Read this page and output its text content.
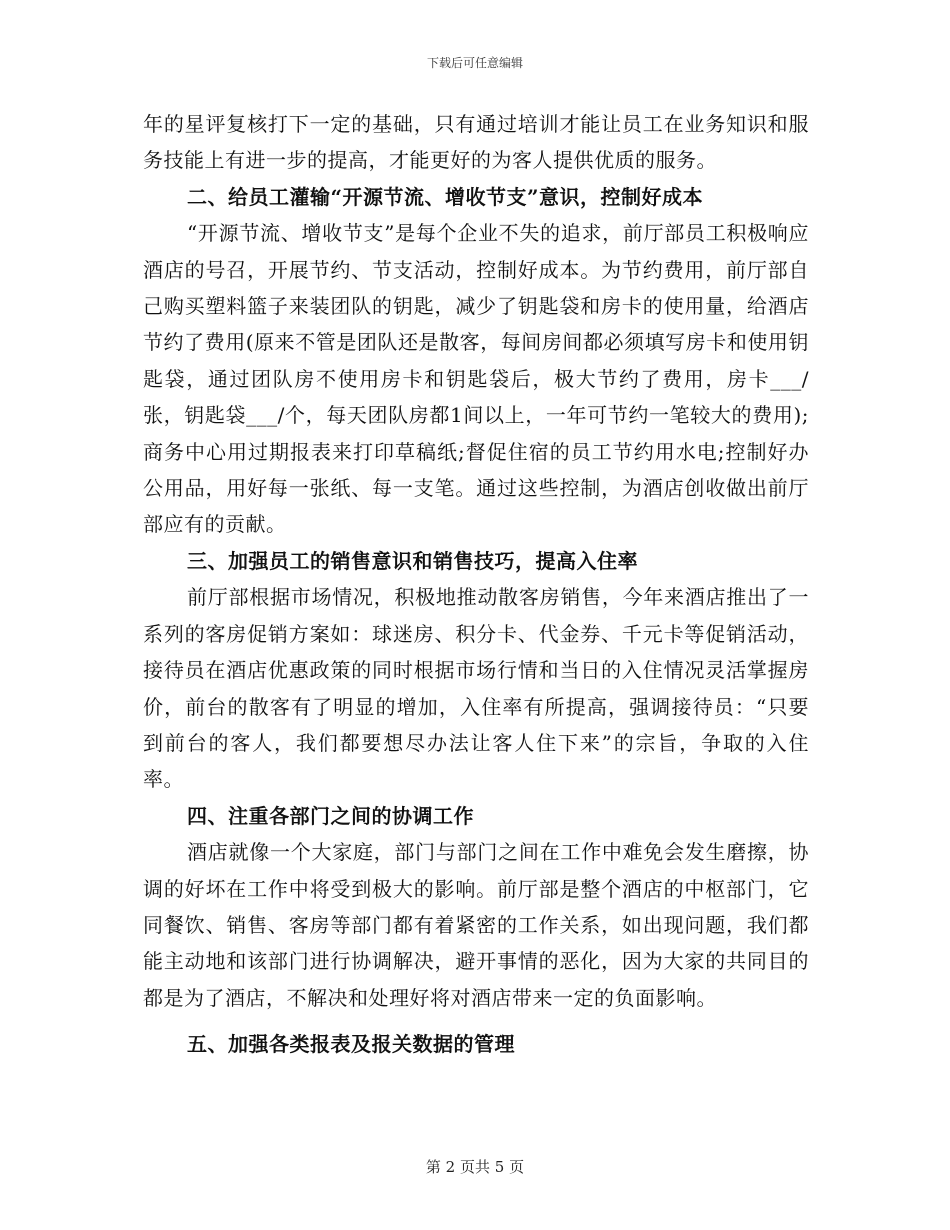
下载后可任意编辑

年的星评复核打下一定的基础，只有通过培训才能让员工在业务知识和服务技能上有进一步的提高，才能更好的为客人提供优质的服务。

二、给员工灌输“开源节流、增收节支”意识，控制好成本

“开源节流、增收节支”是每个企业不失的追求，前厅部员工积极响应酒店的号召，开展节约、节支活动，控制好成本。为节约费用，前厅部自己购买塑料篮子来装团队的钥匙，减少了钥匙袋和房卡的使用量，给酒店节约了费用(原来不管是团队还是散客，每间房间都必须填写房卡和使用钥匙袋，通过团队房不使用房卡和钥匙袋后，极大节约了费用，房卡___/张，钥匙袋___/个，每天团队房都1间以上，一年可节约一笔较大的费用);商务中心用过期报表来打印草稿纸;督促住宿的员工节约用水电;控制好办公用品，用好每一张纸、每一支笔。通过这些控制，为酒店创收做出前厅部应有的贡献。

三、加强员工的销售意识和销售技巧，提高入住率

前厅部根据市场情况，积极地推动散客房销售，今年来酒店推出了一系列的客房促销方案如：球迷房、积分卡、代金券、千元卡等促销活动，接待员在酒店优惠政策的同时根据市场行情和当日的入住情况灵活掌握房价，前台的散客有了明显的增加，入住率有所提高，强调接待员：“只要到前台的客人，我们都要想尽办法让客人住下来”的宗旨，争取的入住率。

四、注重各部门之间的协调工作

酒店就像一个大家庭，部门与部门之间在工作中难免会发生磨擦，协调的好坏在工作中将受到极大的影响。前厅部是整个酒店的中枢部门，它同餐饮、销售、客房等部门都有着紧密的工作关系，如出现问题，我们都能主动地和该部门进行协调解决，避开事情的恶化，因为大家的共同目的都是为了酒店，不解决和处理好将对酒店带来一定的负面影响。

五、加强各类报表及报关数据的管理

第 2 页共 5 页
